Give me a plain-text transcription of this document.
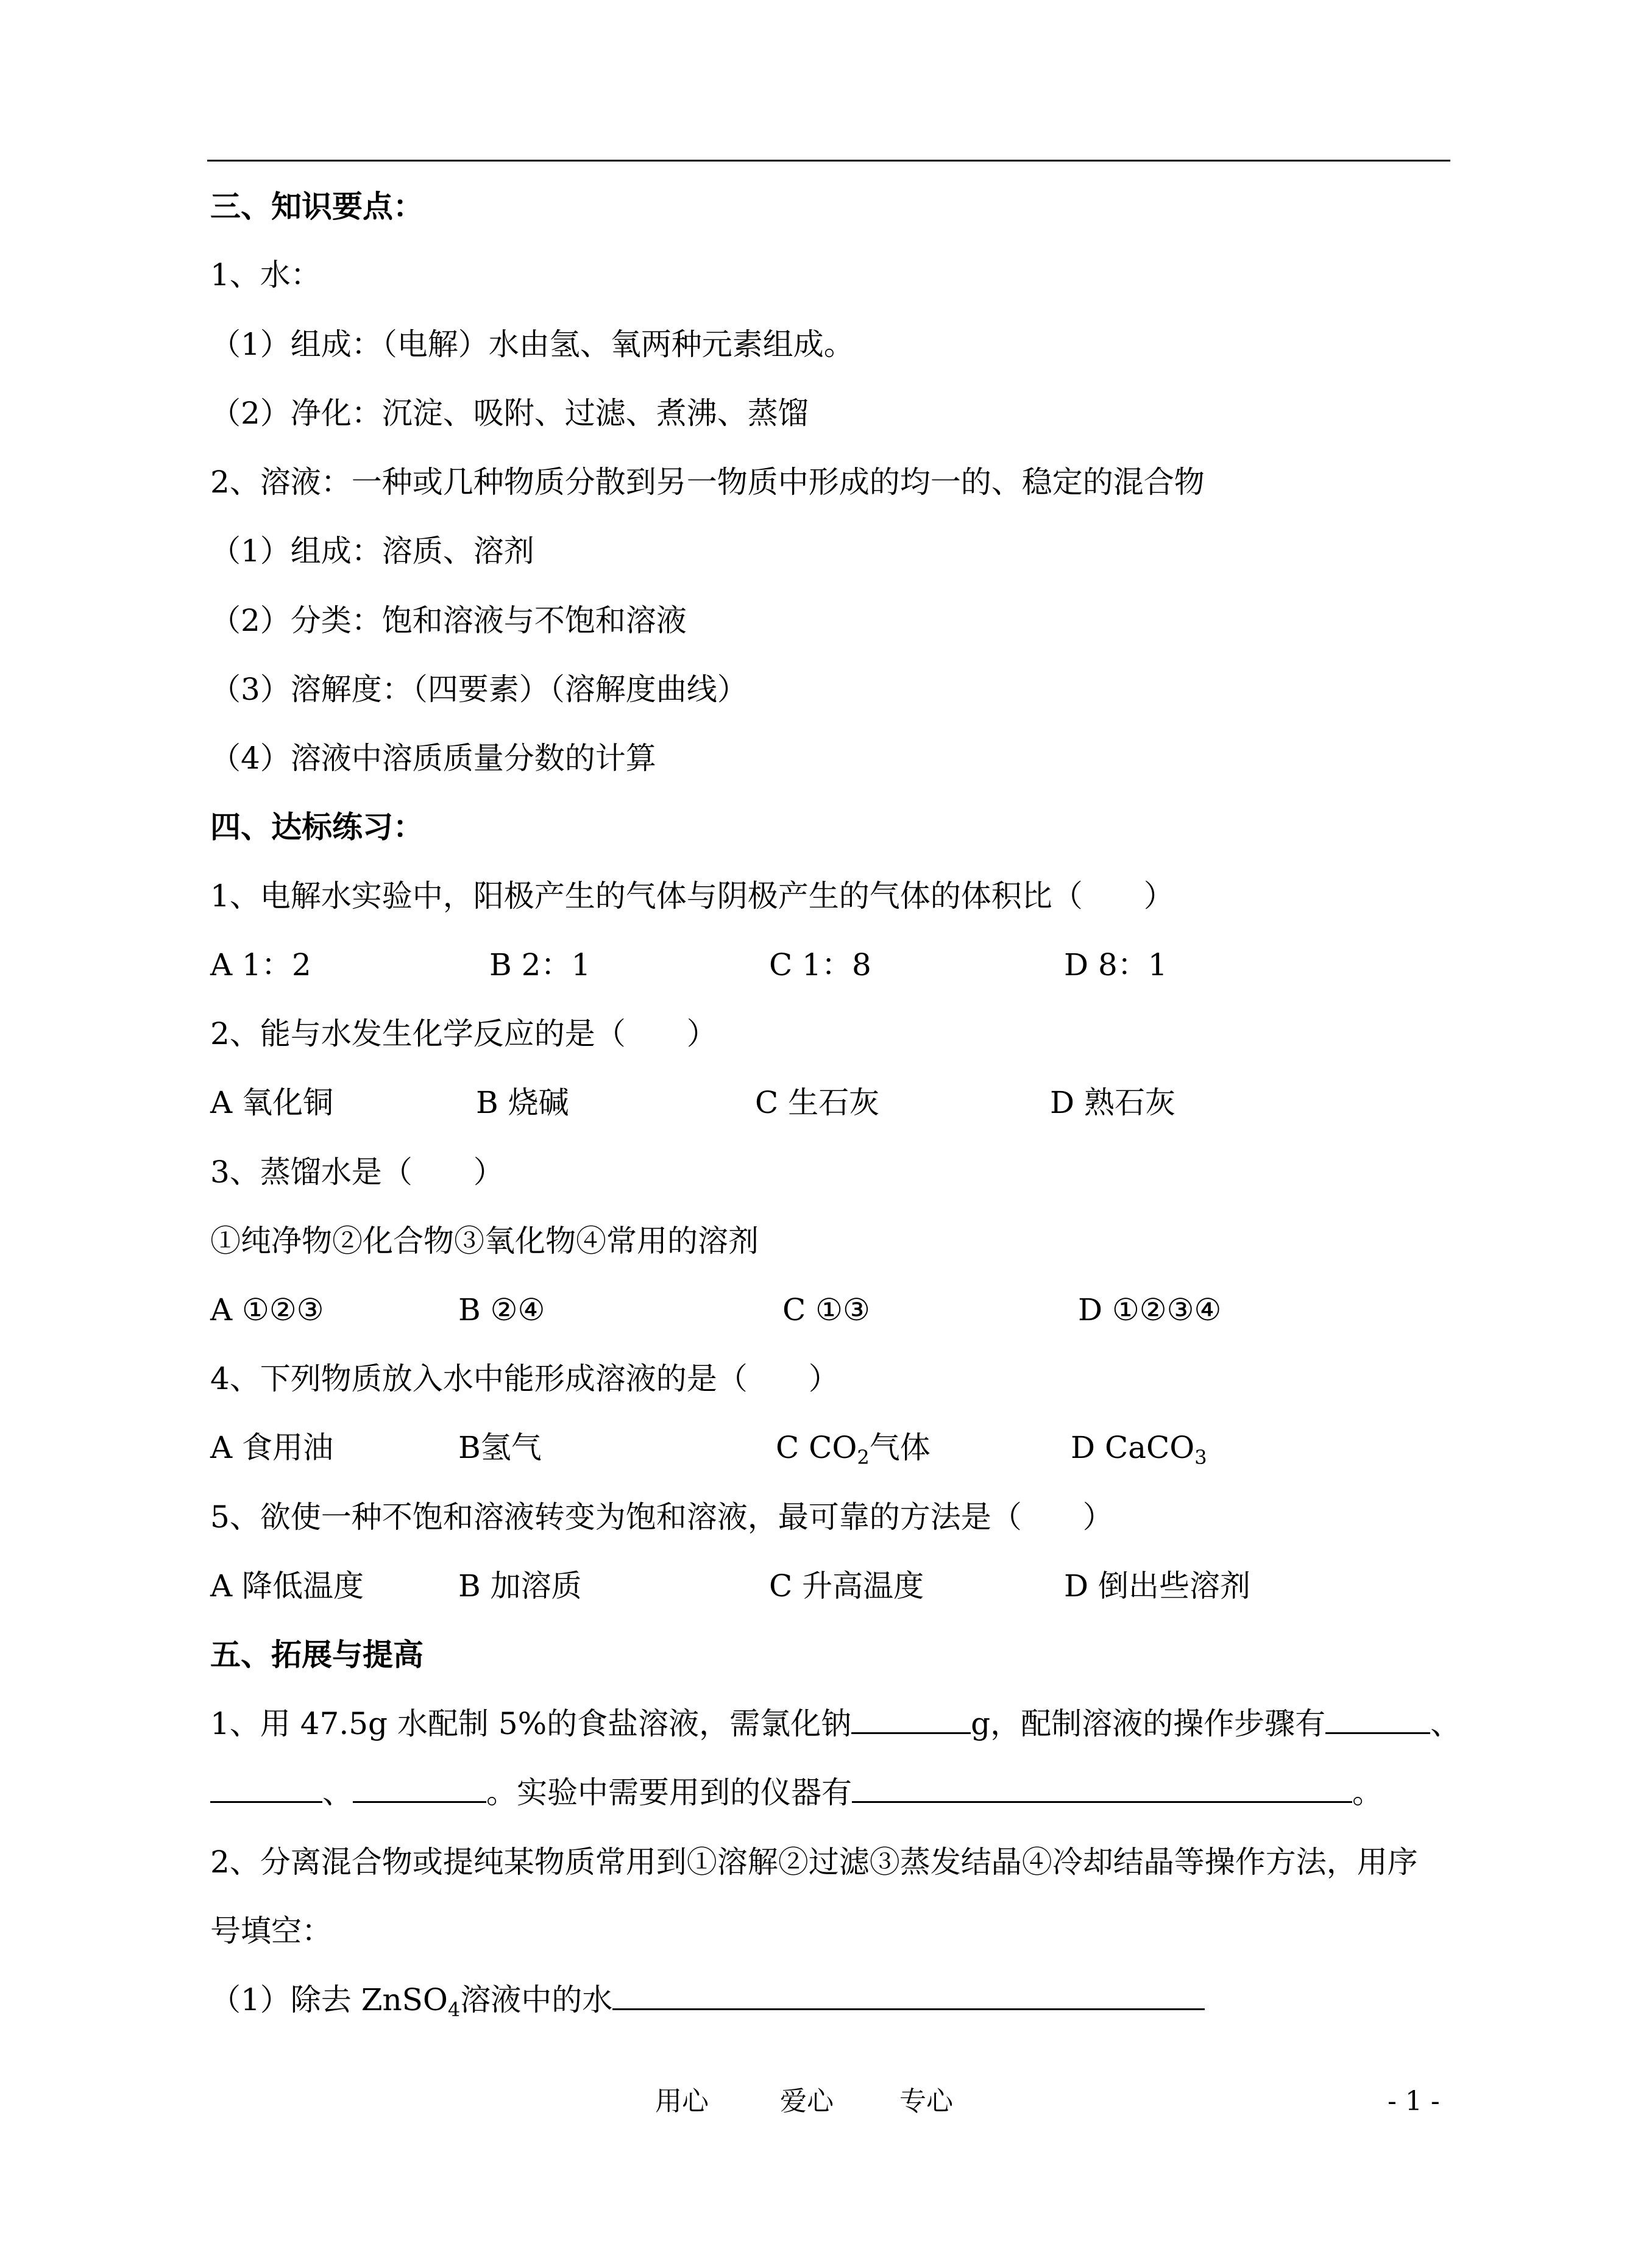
三、知识要点：
1、水：
（1）组成：（电解）水由氢、氧两种元素组成。
（2）净化：沉淀、吸附、过滤、煮沸、蒸馏
2、溶液：一种或几种物质分散到另一物质中形成的均一的、稳定的混合物
（1）组成：溶质、溶剂
（2）分类：饱和溶液与不饱和溶液
（3）溶解度：（四要素）（溶解度曲线）
（4）溶液中溶质质量分数的计算
四、达标练习：
1、电解水实验中，阳极产生的气体与阴极产生的气体的体积比（　　）
A 1：2	B 2：1	C 1：8	D 8：1
2、能与水发生化学反应的是（　　）
A 氧化铜	B 烧碱	C 生石灰	D 熟石灰
3、蒸馏水是（　　）
①纯净物②化合物③氧化物④常用的溶剂
A ①②③	B ②④	C ①③	D ①②③④
4、下列物质放入水中能形成溶液的是（　　）
A 食用油	B氢气	C $CO_2$气体	D CaCO$_3$
5、欲使一种不饱和溶液转变为饱和溶液，最可靠的方法是（　　）
A 降低温度	B 加溶质	C 升高温度	D 倒出些溶剂
五、拓展与提高
1、用 47.5g 水配制 5%的食盐溶液，需氯化钠	g，配制溶液的操作步骤有	、
、	。实验中需要用到的仪器有	。
2、分离混合物或提纯某物质常用到①溶解②过滤③蒸发结晶④冷却结晶等操作方法，用序
号填空：
（1）除去 ZnSO$_4$溶液中的水
用心	爱心 专心	- 1 -
